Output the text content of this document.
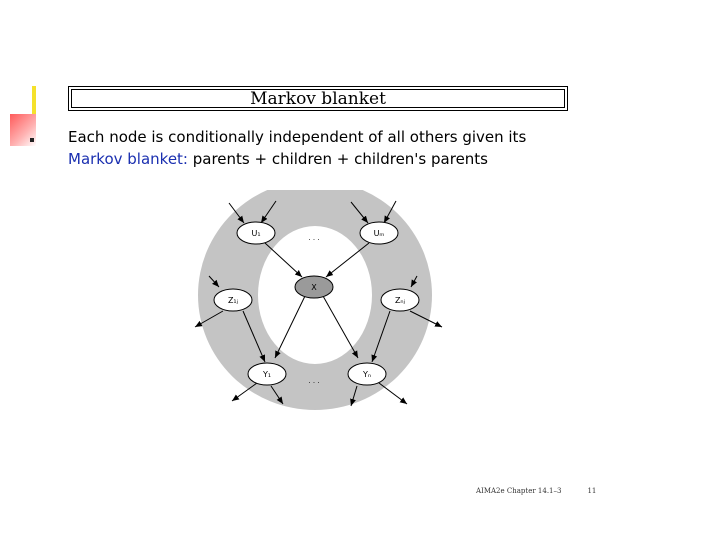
Markov blanket
Each node is conditionally independent of all others given its
Markov blanket: parents + children + children's parents
U₁	Uₘ
X
Z₁ⱼ	Zₙⱼ
Y₁	Yₙ
. . .
. . .
AIMA2e Chapter 14.1–3	11
